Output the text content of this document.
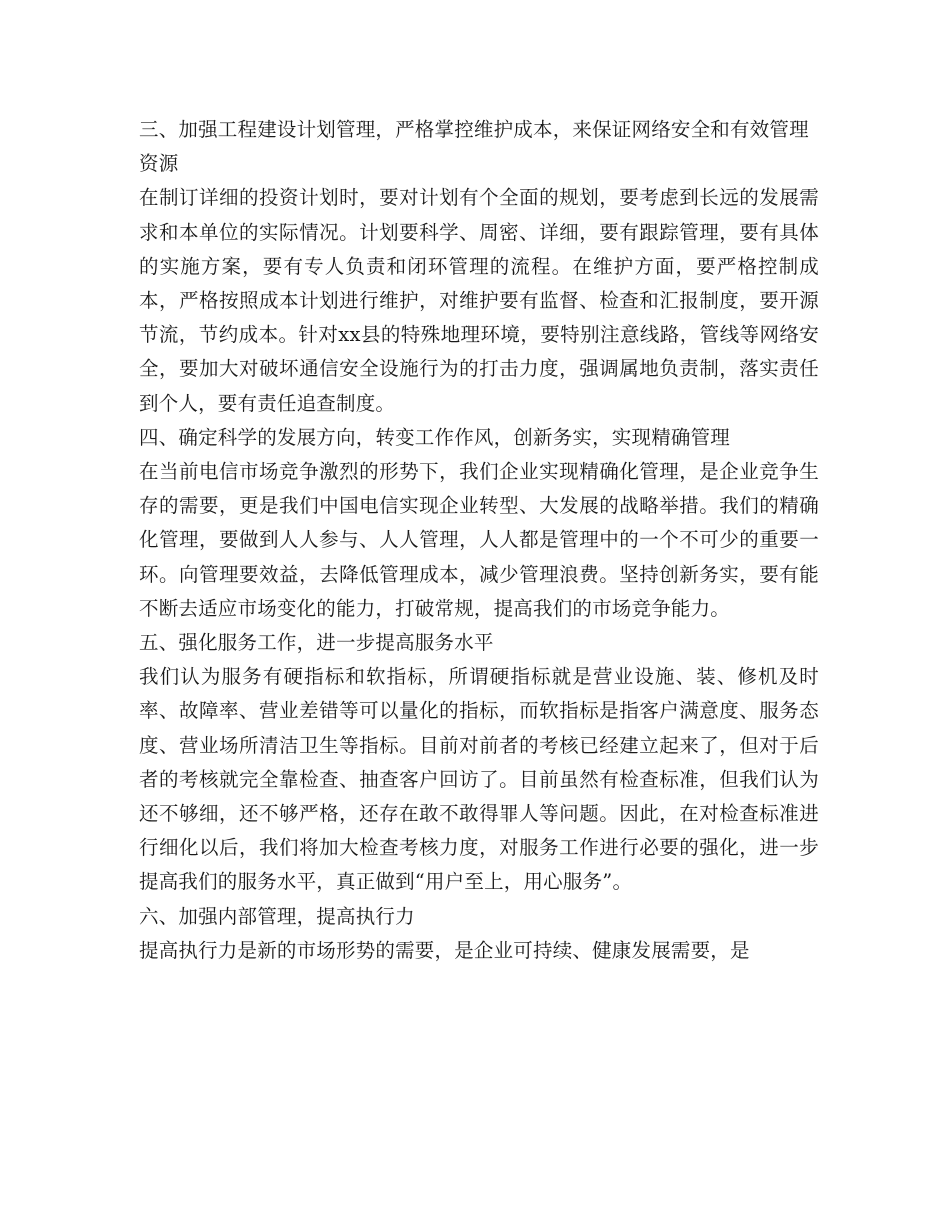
三、加强工程建设计划管理，严格掌控维护成本，来保证网络安全和有效管理资源

在制订详细的投资计划时，要对计划有个全面的规划，要考虑到长远的发展需求和本单位的实际情况。计划要科学、周密、详细，要有跟踪管理，要有具体的实施方案，要有专人负责和闭环管理的流程。在维护方面，要严格控制成本，严格按照成本计划进行维护，对维护要有监督、检查和汇报制度，要开源节流，节约成本。针对xx县的特殊地理环境，要特别注意线路，管线等网络安全，要加大对破坏通信安全设施行为的打击力度，强调属地负责制，落实责任到个人，要有责任追查制度。

四、确定科学的发展方向，转变工作作风，创新务实，实现精确管理

在当前电信市场竞争激烈的形势下，我们企业实现精确化管理，是企业竞争生存的需要，更是我们中国电信实现企业转型、大发展的战略举措。我们的精确化管理，要做到人人参与、人人管理，人人都是管理中的一个不可少的重要一环。向管理要效益，去降低管理成本，减少管理浪费。坚持创新务实，要有能不断去适应市场变化的能力，打破常规，提高我们的市场竞争能力。

五、强化服务工作，进一步提高服务水平

我们认为服务有硬指标和软指标，所谓硬指标就是营业设施、装、修机及时率、故障率、营业差错等可以量化的指标，而软指标是指客户满意度、服务态度、营业场所清洁卫生等指标。目前对前者的考核已经建立起来了，但对于后者的考核就完全靠检查、抽查客户回访了。目前虽然有检查标准，但我们认为还不够细，还不够严格，还存在敢不敢得罪人等问题。因此，在对检查标准进行细化以后，我们将加大检查考核力度，对服务工作进行必要的强化，进一步提高我们的服务水平，真正做到“用户至上，用心服务”。

六、加强内部管理，提高执行力

提高执行力是新的市场形势的需要，是企业可持续、健康发展需要，是
